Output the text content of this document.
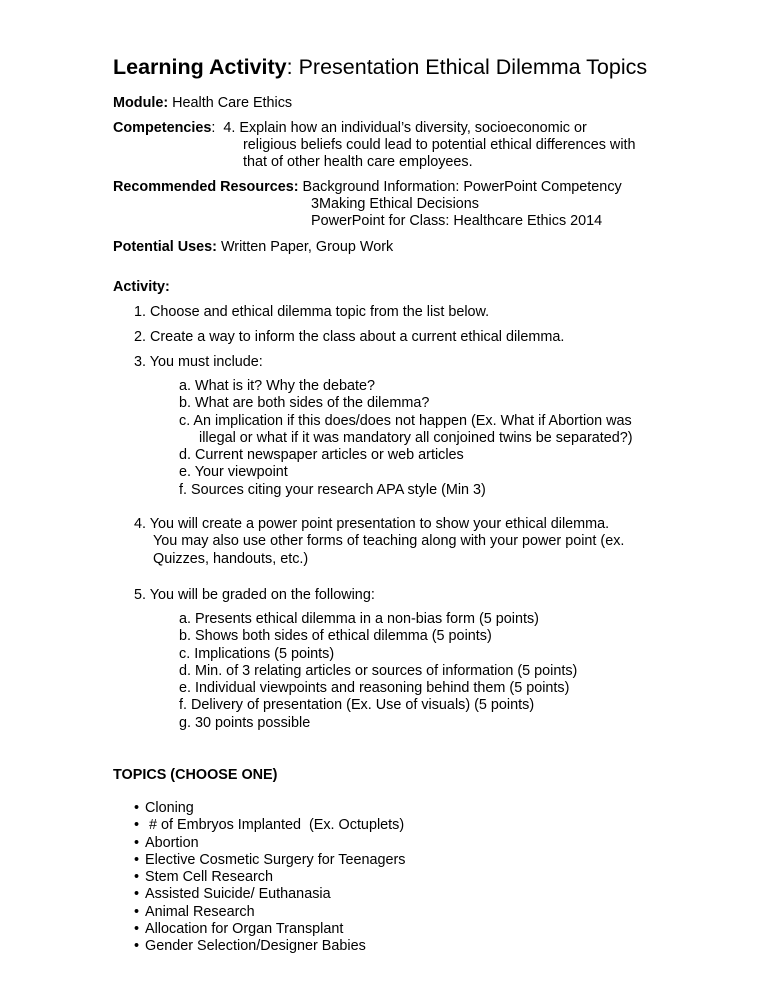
Learning Activity: Presentation Ethical Dilemma Topics
Module: Health Care Ethics
Competencies:  4. Explain how an individual’s diversity, socioeconomic or
religious beliefs could lead to potential ethical differences with
that of other health care employees.
Recommended Resources: Background Information: PowerPoint Competency
3Making Ethical Decisions
PowerPoint for Class: Healthcare Ethics 2014
Potential Uses: Written Paper, Group Work
Activity:
1. Choose and ethical dilemma topic from the list below.
2. Create a way to inform the class about a current ethical dilemma.
3. You must include:
a. What is it? Why the debate?
b. What are both sides of the dilemma?
c. An implication if this does/does not happen (Ex. What if Abortion was
illegal or what if it was mandatory all conjoined twins be separated?)
d. Current newspaper articles or web articles
e. Your viewpoint
f. Sources citing your research APA style (Min 3)
4. You will create a power point presentation to show your ethical dilemma.
You may also use other forms of teaching along with your power point (ex.
Quizzes, handouts, etc.)
5. You will be graded on the following:
a. Presents ethical dilemma in a non-bias form (5 points)
b. Shows both sides of ethical dilemma (5 points)
c. Implications (5 points)
d. Min. of 3 relating articles or sources of information (5 points)
e. Individual viewpoints and reasoning behind them (5 points)
f. Delivery of presentation (Ex. Use of visuals) (5 points)
g. 30 points possible
TOPICS (CHOOSE ONE)
• Cloning
• # of Embryos Implanted  (Ex. Octuplets)
• Abortion
• Elective Cosmetic Surgery for Teenagers
• Stem Cell Research
• Assisted Suicide/ Euthanasia
• Animal Research
• Allocation for Organ Transplant
• Gender Selection/Designer Babies
